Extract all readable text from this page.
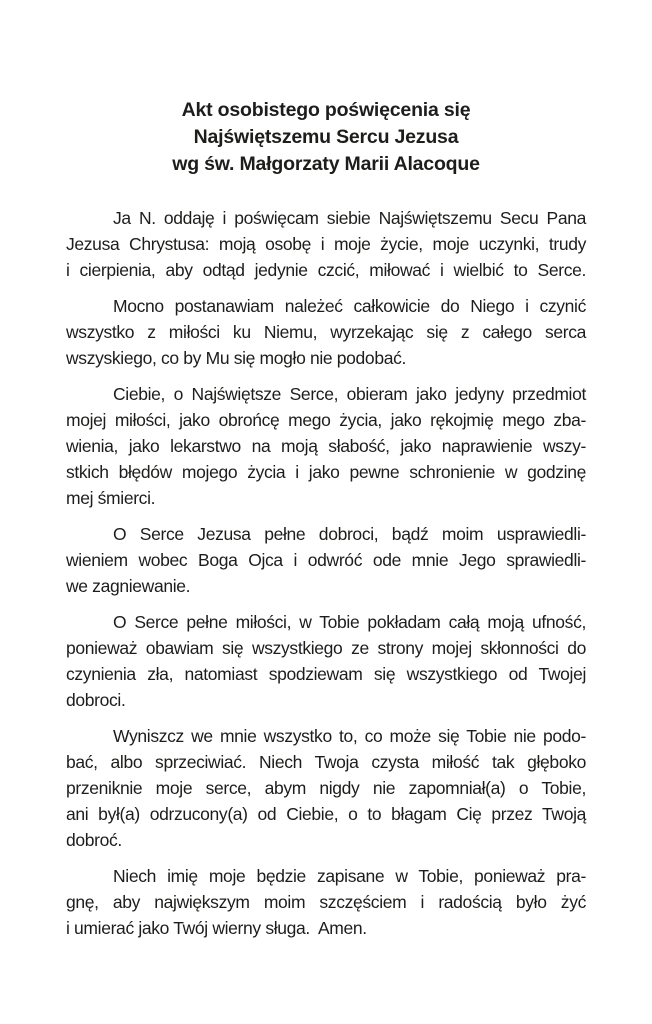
Akt osobistego poświęcenia się
Najświętszemu Sercu Jezusa
wg św. Małgorzaty Marii Alacoque

Ja N. oddaję i poświęcam siebie Najświętszemu Secu Pana
Jezusa Chrystusa: moją osobę i moje życie, moje uczynki, trudy
i cierpienia, aby odtąd jedynie czcić, miłować i wielbić to Serce.

Mocno postanawiam należeć całkowicie do Niego i czynić
wszystko z miłości ku Niemu, wyrzekając się z całego serca
wszyskiego, co by Mu się mogło nie podobać.

Ciebie, o Najświętsze Serce, obieram jako jedyny przedmiot
mojej miłości, jako obrońcę mego życia, jako rękojmię mego zba-
wienia, jako lekarstwo na moją słabość, jako naprawienie wszy-
stkich błędów mojego życia i jako pewne schronienie w godzinę
mej śmierci.

O Serce Jezusa pełne dobroci, bądź moim usprawiedli-
wieniem wobec Boga Ojca i odwróć ode mnie Jego sprawiedli-
we zagniewanie.

O Serce pełne miłości, w Tobie pokładam całą moją ufność,
ponieważ obawiam się wszystkiego ze strony mojej skłonności do
czynienia zła, natomiast spodziewam się wszystkiego od Twojej
dobroci.

Wyniszcz we mnie wszystko to, co może się Tobie nie podo-
bać, albo sprzeciwiać. Niech Twoja czysta miłość tak głęboko
przeniknie moje serce, abym nigdy nie zapomniał(a) o Tobie,
ani był(a) odrzucony(a) od Ciebie, o to błagam Cię przez Twoją
dobroć.

Niech imię moje będzie zapisane w Tobie, ponieważ pra-
gnę, aby największym moim szczęściem i radością było żyć
i umierać jako Twój wierny sługa.  Amen.
